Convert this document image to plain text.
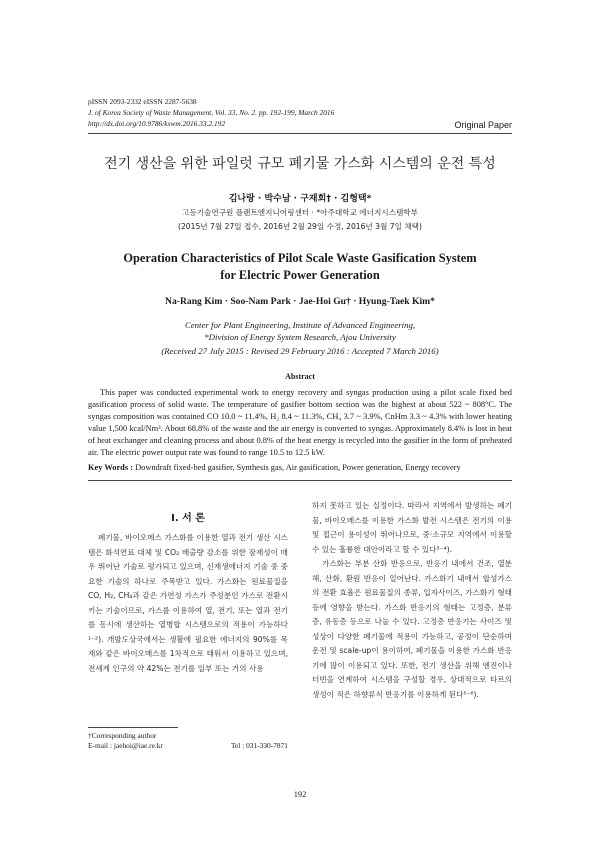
pISSN 2093-2332 eISSN 2287-5638
J. of Korea Society of Waste Management, Vol. 33, No. 2. pp. 192-199, March 2016
http://dx.doi.org/10.9786/kswm.2016.33.2.192	Original Paper
전기 생산을 위한 파일럿 규모 폐기물 가스화 시스템의 운전 특성
김나랑 · 박수남 · 구재회† · 김형택*
고등기술연구원 플랜트엔지니어링센터 · *아주대학교 에너지시스템학부
(2015년 7월 27일 접수, 2016년 2월 29일 수정, 2016년 3월 7일 채택)
Operation Characteristics of Pilot Scale Waste Gasification System
for Electric Power Generation
Na-Rang Kim · Soo-Nam Park · Jae-Hoi Gu† · Hyung-Taek Kim*
Center for Plant Engineering, Institute of Advanced Engineering,
*Division of Energy System Research, Ajou University
(Received 27 July 2015 : Revised 29 February 2016 : Accepted 7 March 2016)
Abstract
This paper was conducted experimental work to energy recovery and syngas production using a pilot scale fixed bed gasification process of solid waste. The temperature of gasifier bottom section was the highest at about 522 ~ 808°C. The syngas composition was contained CO 10.0 ~ 11.4%, H₂ 8.4 ~ 11.3%, CH₄ 3.7 ~ 3.9%, CnHm 3.3 ~ 4.3% with lower heating value 1,500 kcal/Nm³. About 68.8% of the waste and the air energy is converted to syngas. Approximately 8.4% is lost in heat of heat exchanger and cleaning process and about 0.8% of the heat energy is recycled into the gasifier in the form of preheated air. The electric power output rate was found to range 10.5 to 12.5 kW.
Key Words : Downdraft fixed-bed gasifier, Synthesis gas, Air gasification, Power generation, Energy recovery
I. 서 론

폐기물, 바이오메스 가스화를 이용한 열과 전기 생산 시스템은 화석연료 대체 및 CO₂ 배출량 감소를 위한 잠재성이 매우 뛰어난 기술로 평가되고 있으며, 신재생에너지 기술 중 중요한 기술의 하나로 주목받고 있다. 가스화는 원료물질을 CO, H₂, CH₄과 같은 가연성 가스가 주성분인 가스로 전환시키는 기술이므로, 가스를 이용하여 열, 전기, 또는 열과 전기를 동시에 생산하는 열병합 시스템으로의 적용이 가능하다¹⁻²). 개발도상국에서는 생활에 필요한 에너지의 90%를 목재와 같은 바이오매스를 1차적으로 태워서 이용하고 있으며, 전세계 인구의 약 42%는 전기를 일부 또는 거의 사용

하지 못하고 있는 실정이다. 따라서 지역에서 발생하는 폐기물, 바이오메스를 이용한 가스화 발전 시스템은 전기의 이용 및 접근이 용이성이 뛰어나므로, 중·소규모 지역에서 이용할 수 있는 훌륭한 대안이라고 할 수 있다³⁻⁴).

가스화는 부분 산화 반응으로, 반응기 내에서 건조, 열분해, 산화, 환원 반응이 일어난다. 가스화기 내에서 합성가스의 전환 효율은 원료물질의 종류, 입자사이즈, 가스화기 형태 등에 영향을 받는다. 가스화 반응기의 형태는 고정층, 분류층, 유동층 등으로 나눌 수 있다. 고정층 반응기는 사이즈 및 성상이 다양한 폐기물에 적용이 가능하고, 공정이 단순하며 운전 및 scale-up이 용이하여, 폐기물을 이용한 가스화 반응기에 많이 이용되고 있다. 또한, 전기 생산을 위해 엔진이나 터빈을 연계하여 시스템을 구성할 경우, 상대적으로 타르의 생성이 적은 하향류식 반응기를 이용하게 된다⁵⁻⁶).

†Corresponding author
E-mail : jaehoi@iae.re.kr	Tel : 031-330-7871
192
